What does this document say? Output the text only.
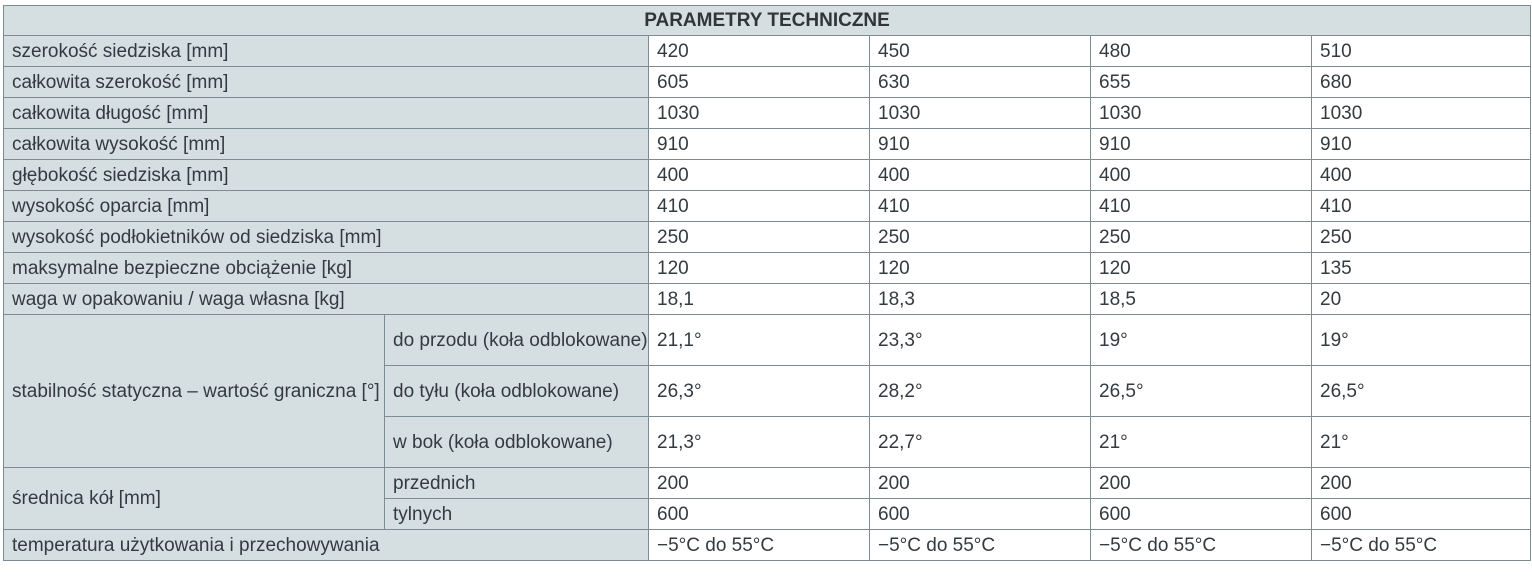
PARAMETRY TECHNICZNE					
szerokość siedziska [mm]		420	450	480	510
całkowita szerokość [mm]		605	630	655	680
całkowita długość [mm]		1030	1030	1030	1030
całkowita wysokość [mm]		910	910	910	910
głębokość siedziska [mm]		400	400	400	400
wysokość oparcia [mm]		410	410	410	410
wysokość podłokietników od siedziska [mm]		250	250	250	250
maksymalne bezpieczne obciążenie [kg]		120	120	120	135
waga w opakowaniu / waga własna [kg]		18,1	18,3	18,5	20
stabilność statyczna – wartość graniczna [°]	do przodu (koła odblokowane)	21,1°	23,3°	19°	19°
	do tyłu (koła odblokowane)	26,3°	28,2°	26,5°	26,5°
	w bok (koła odblokowane)	21,3°	22,7°	21°	21°
średnica kół [mm]	przednich	200	200	200	200
	tylnych	600	600	600	600
temperatura użytkowania i przechowywania		−5°C do 55°C	−5°C do 55°C	−5°C do 55°C	−5°C do 55°C
